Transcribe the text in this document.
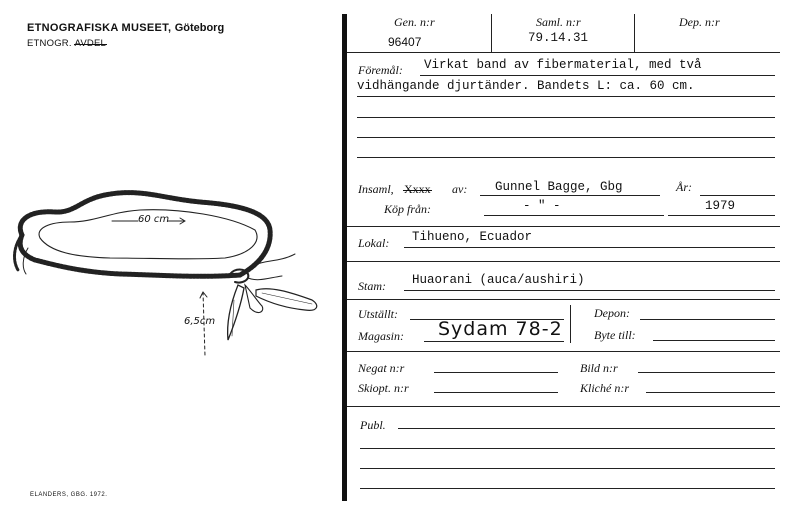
ETNOGRAFISKA MUSEET, Göteborg
ETNOGR. AVDEL
60 cm
6,5cm
ELANDERS, GBG. 1972.
Gen. n:r
96407
Saml. n:r
79.14.31
Dep. n:r
Föremål: Virkat band av fibermaterial, med två
vidhängande djurtänder. Bandets L: ca. 60 cm.
Insaml, Xxxx av: Gunnel Bagge, Gbg	År:
Köp från:	- " -	1979
Lokal: Tihueno, Ecuador
Stam: Huaorani (auca/aushiri)
Utställt:
Magasin: Sydam 78-2
Depon:
Byte till:
Negat n:r	Bild n:r
Skiopt. n:r	Kliché n:r
Publ.
